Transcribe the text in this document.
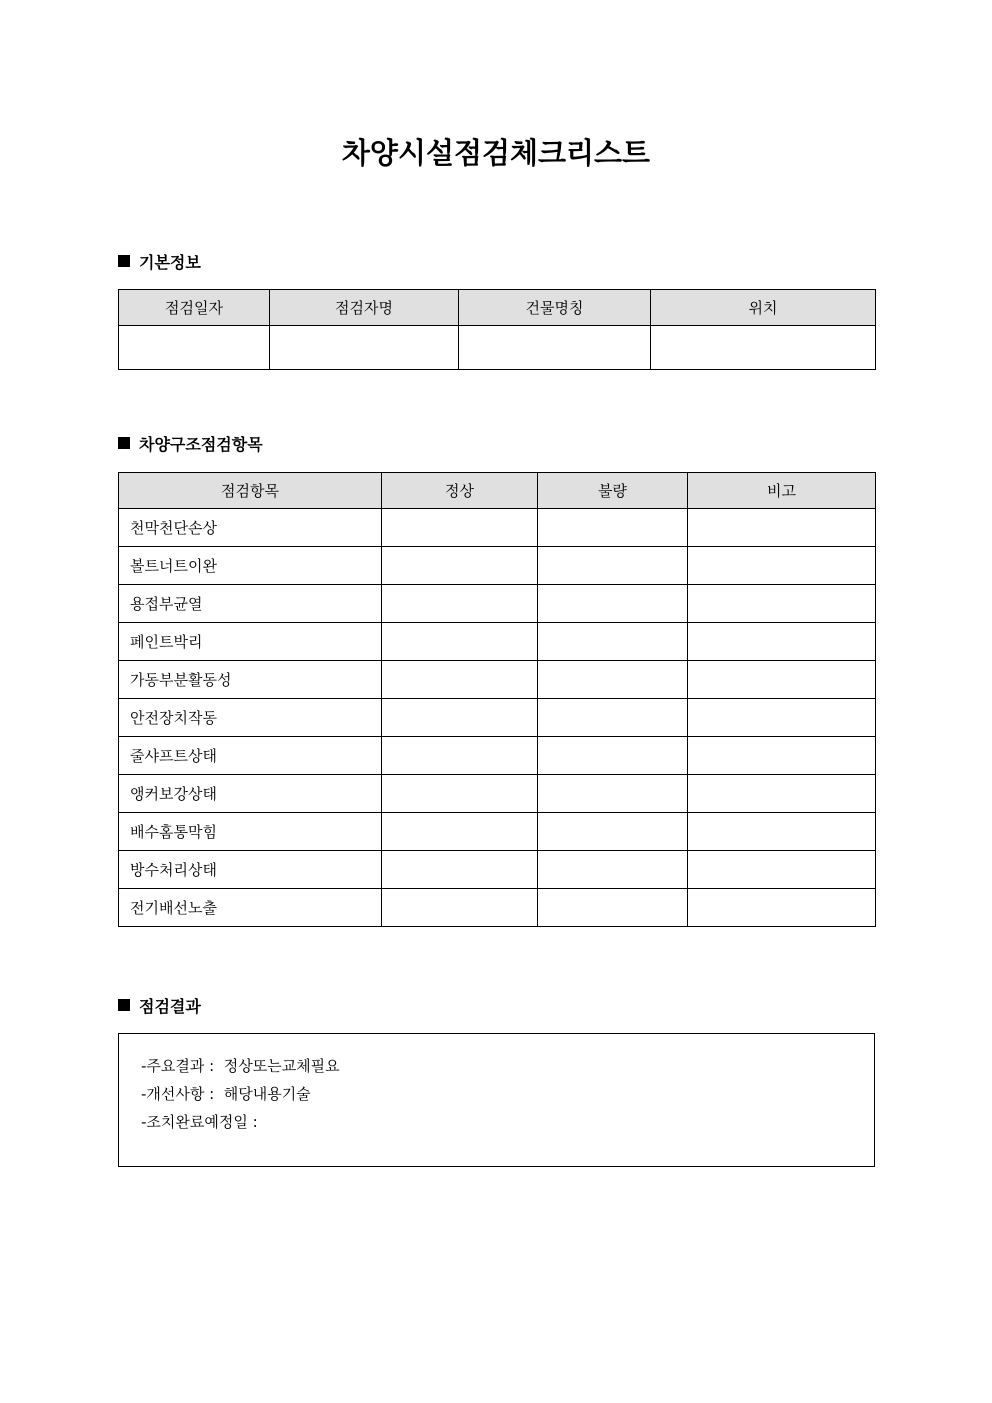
차양시설점검체크리스트
기본정보
점검일자	점검자명	건물명칭	위치

차양구조점검항목
점검항목	정상	불량	비고
천막천단손상			
볼트너트이완			
용접부균열			
페인트박리			
가동부분활동성			
안전장치작동			
줄샤프트상태			
앵커보강상태			
배수홈통막힘			
방수처리상태			
전기배선노출			
점검결과
-주요결과 :  정상또는교체필요
-개선사항 :  해당내용기술
-조치완료예정일 :
